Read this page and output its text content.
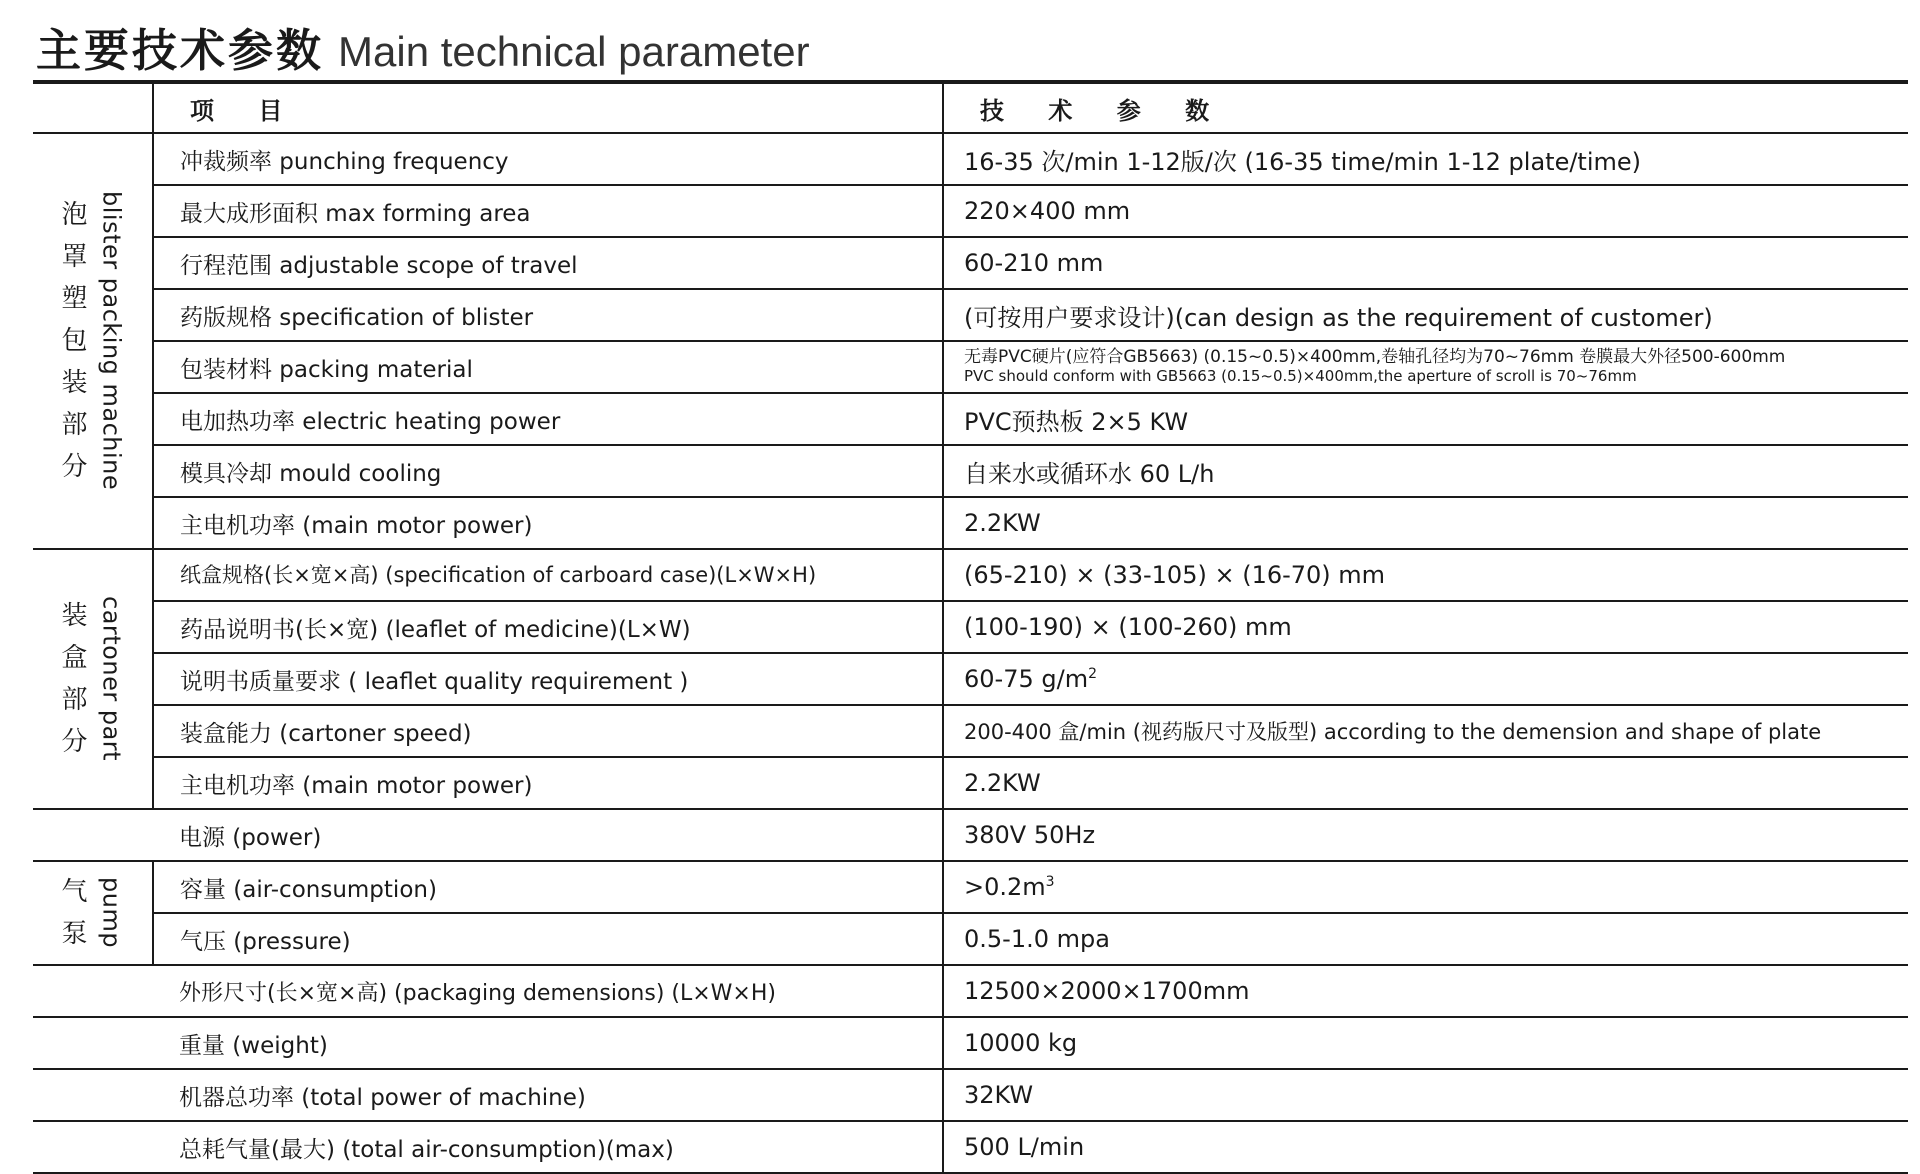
主要技术参数 Main technical parameter
	项 目	技 术 参 数

泡罩塑包装部分 blister packing machine	冲裁频率 punching frequency	16-35 次/min 1-12版/次 (16-35 time/min 1-12 plate/time)
	最大成形面积 max forming area	220×400 mm
	行程范围 adjustable scope of travel	60-210 mm
	药版规格 specification of blister	(可按用户要求设计)(can design as the requirement of customer)
	包装材料 packing material	无毒PVC硬片(应符合GB5663) (0.15~0.5)×400mm,卷轴孔径均为70~76mm 卷膜最大外径500-600mm
PVC should conform with GB5663 (0.15~0.5)×400mm,the aperture of scroll is 70~76mm

	电加热功率 electric heating power	PVC预热板 2×5 KW
	模具冷却 mould cooling	自来水或循环水 60 L/h
	主电机功率 (main motor power)	2.2KW

装盒部分 cartoner part	纸盒规格(长×宽×高) (specification of carboard case)(L×W×H)	(65-210) × (33-105) × (16-70) mm
	药品说明书(长×宽) (leaflet of medicine)(L×W)	(100-190) × (100-260) mm
	说明书质量要求 ( leaflet quality requirement )	60-75 $g/m^2$
	装盒能力 (cartoner speed)	200-400 盒/min (视药版尺寸及版型) according to the demension and shape of plate
	主电机功率 (main motor power)	2.2KW
	电源 (power)	380V 50Hz

气泵 pump	容量 (air-consumption)	$>0.2m^3$
	气压 (pressure)	0.5-1.0 mpa
	外形尺寸(长×宽×高) (packaging demensions) (L×W×H)	12500×2000×1700mm
	重量 (weight)	10000 kg
	机器总功率 (total power of machine)	32KW
	总耗气量(最大) (total air-consumption)(max)	500 L/min
